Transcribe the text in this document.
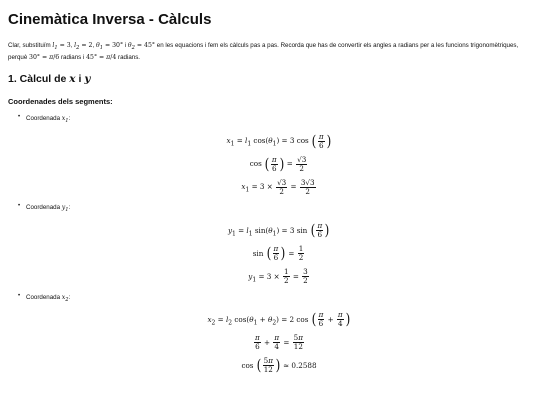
Cinemàtica Inversa - Càlculs

Clar, substituïm $l_1 = 3$, $l_2 = 2$, $\theta_1 = 30^\circ$ i $\theta_2 = 45^\circ$ en les equacions i fem els càlculs pas a pas. Recorda que has de convertir els angles a radians per a les funcions trigonomètriques, perquè 30° = π/6 radians i 45° = π/4 radians.

1. Càlcul de x i y
Coordenades dels segments:
• Coordenada $x_1$:
$x_1 = l_1$ $\cos(\theta_1) = 3$ cos ( $\frac{\pi}{6}$ )
cos ( $\frac{\pi}{6}$ ) = $\frac{√3}{2}$
$x_1 = 3 \times \frac{√3}{2} = \frac{3√3}{2}$
• Coordenada $y_1$:
$y_1 = l_1$ $\sin(\theta_1) = 3$ sin ( $\frac{\pi}{6}$ )
sin ( $\frac{\pi}{6}$ ) = $\frac{1}{2}$
$y_1 = 3 \times \frac{1}{2} = \frac{3}{2}$
• Coordenada $x_2$:
$x_2 = l_2$ $\cos(\theta_1 + \theta_2) = 2$ cos ( $\frac{\pi}{6} + \frac{\pi}{4}$ )
$\frac{\pi}{6} + \frac{\pi}{4} = \frac{5\pi}{12}$
cos ( $\frac{5\pi}{12}$ ) ≈ 0.2588
